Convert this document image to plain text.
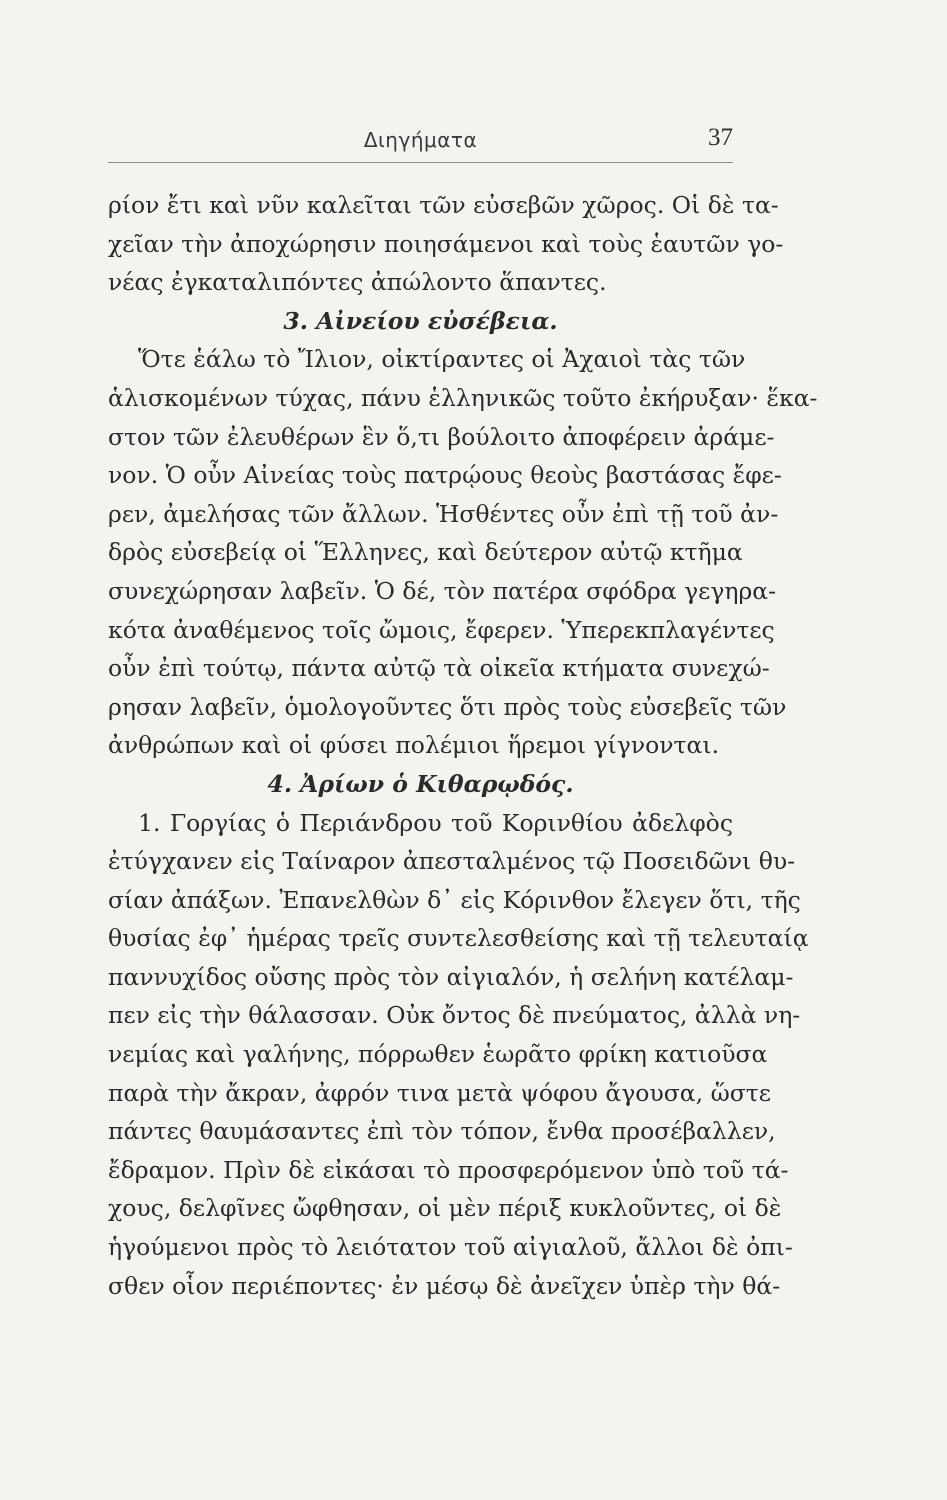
Διηγήματα	37
ρίον ἔτι καὶ νῦν καλεῖται τῶν εὐσεβῶν χῶρος. Οἱ δὲ τα-
χεῖαν τὴν ἀποχώρησιν ποιησάμενοι καὶ τοὺς ἑαυτῶν γο-
νέας ἐγκαταλιπόντες ἀπώλοντο ἅπαντες.
3. Αἰνείου εὐσέβεια.
Ὅτε ἑάλω τὸ Ἴλιον, οἰκτίραντες οἱ Ἀχαιοὶ τὰς τῶν
ἁλισκομένων τύχας, πάνυ ἑλληνικῶς τοῦτο ἐκήρυξαν· ἕκα-
στον τῶν ἐλευθέρων ἓν ὅ,τι βούλοιτο ἀποφέρειν ἀράμε-
νον. Ὁ οὖν Αἰνείας τοὺς πατρῴους θεοὺς βαστάσας ἔφε-
ρεν, ἀμελήσας τῶν ἄλλων. Ἡσθέντες οὖν ἐπὶ τῇ τοῦ ἀν-
δρὸς εὐσεβείᾳ οἱ Ἕλληνες, καὶ δεύτερον αὐτῷ κτῆμα
συνεχώρησαν λαβεῖν. Ὁ δέ, τὸν πατέρα σφόδρα γεγηρα-
κότα ἀναθέμενος τοῖς ὤμοις, ἔφερεν. Ὑπερεκπλαγέντες
οὖν ἐπὶ τούτῳ, πάντα αὐτῷ τὰ οἰκεῖα κτήματα συνεχώ-
ρησαν λαβεῖν, ὁμολογοῦντες ὅτι πρὸς τοὺς εὐσεβεῖς τῶν
ἀνθρώπων καὶ οἱ φύσει πολέμιοι ἥρεμοι γίγνονται.
4. Ἀρίων ὁ Κιθαρῳδός.
1. Γοργίας ὁ Περιάνδρου τοῦ Κορινθίου ἀδελφὸς
ἐτύγχανεν εἰς Ταίναρον ἀπεσταλμένος τῷ Ποσειδῶνι θυ-
σίαν ἀπάξων. Ἐπανελθὼν δ᾽ εἰς Κόρινθον ἔλεγεν ὅτι, τῆς
θυσίας ἐφ᾽ ἡμέρας τρεῖς συντελεσθείσης καὶ τῇ τελευταίᾳ
παννυχίδος οὔσης πρὸς τὸν αἰγιαλόν, ἡ σελήνη κατέλαμ-
πεν εἰς τὴν θάλασσαν. Οὐκ ὄντος δὲ πνεύματος, ἀλλὰ νη-
νεμίας καὶ γαλήνης, πόρρωθεν ἑωρᾶτο φρίκη κατιοῦσα
παρὰ τὴν ἄκραν, ἀφρόν τινα μετὰ ψόφου ἄγουσα, ὥστε
πάντες θαυμάσαντες ἐπὶ τὸν τόπον, ἔνθα προσέβαλλεν,
ἔδραμον. Πρὶν δὲ εἰκάσαι τὸ προσφερόμενον ὑπὸ τοῦ τά-
χους, δελφῖνες ὤφθησαν, οἱ μὲν πέριξ κυκλοῦντες, οἱ δὲ
ἡγούμενοι πρὸς τὸ λειότατον τοῦ αἰγιαλοῦ, ἄλλοι δὲ ὀπι-
σθεν οἷον περιέποντες· ἐν μέσῳ δὲ ἀνεῖχεν ὑπὲρ τὴν θά-
